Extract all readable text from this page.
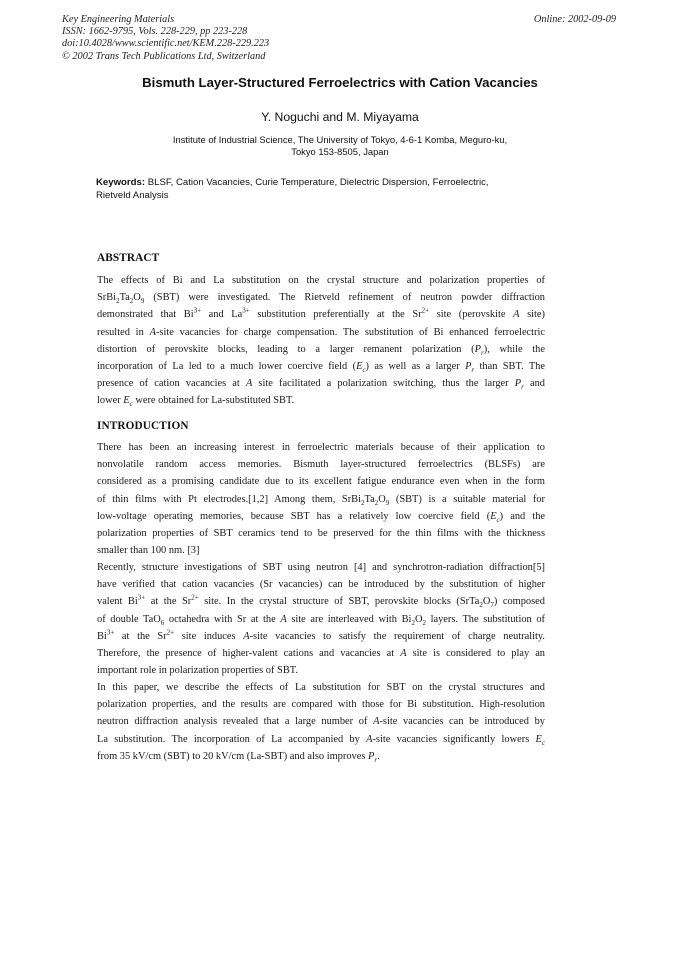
Key Engineering Materials
ISSN: 1662-9795, Vols. 228-229, pp 223-228
doi:10.4028/www.scientific.net/KEM.228-229.223
© 2002 Trans Tech Publications Ltd, Switzerland
Online: 2002-09-09
Bismuth Layer-Structured Ferroelectrics with Cation Vacancies
Y. Noguchi and M. Miyayama
Institute of Industrial Science, The University of Tokyo, 4-6-1 Komba, Meguro-ku,
Tokyo 153-8505, Japan
Keywords: BLSF, Cation Vacancies, Curie Temperature, Dielectric Dispersion, Ferroelectric,
Rietveld Analysis
ABSTRACT
The effects of Bi and La substitution on the crystal structure and polarization properties of
$SrBi_2Ta_2O_9$ (SBT) were investigated. The Rietveld refinement of neutron powder diffraction
demonstrated that $Bi^{3+}$ and $La^{3+}$ substitution preferentially at the $Sr^{2+}$ site (perovskite A site)
resulted in A-site vacancies for charge compensation. The substitution of Bi enhanced ferroelectric
distortion of perovskite blocks, leading to a larger remanent polarization $(P_r)$, while the
incorporation of La led to a much lower coercive field $(E_c)$ as well as a larger $P_r$ than SBT. The
presence of cation vacancies at A site facilitated a polarization switching, thus the larger $P_r$ and
lower $E_c$ were obtained for La-substituted SBT.
INTRODUCTION
There has been an increasing interest in ferroelectric materials because of their application to
nonvolatile random access memories. Bismuth layer-structured ferroelectrics (BLSFs) are
considered as a promising candidate due to its excellent fatigue endurance even when in the form
of thin films with Pt electrodes.[1,2] Among them, $SrBi_2Ta_2O_9$ (SBT) is a suitable material for
low-voltage operating memories, because SBT has a relatively low coercive field $(E_c)$ and the
polarization properties of SBT ceramics tend to be preserved for the thin films with the thickness
smaller than 100 nm. [3]
Recently, structure investigations of SBT using neutron [4] and synchrotron-radiation diffraction[5]
have verified that cation vacancies (Sr vacancies) can be introduced by the substitution of higher
valent $Bi^{3+}$ at the $Sr^{2+}$ site. In the crystal structure of SBT, perovskite blocks $(SrTa_2O_7)$ composed
of double TaO$_6$ octahedra with Sr at the A site are interleaved with $Bi_2O_2$ layers. The substitution of
$Bi^{3+}$ at the $Sr^{2+}$ site induces A-site vacancies to satisfy the requirement of charge neutrality.
Therefore, the presence of higher-valent cations and vacancies at A site is considered to play an
important role in polarization properties of SBT.
In this paper, we describe the effects of La substitution for SBT on the crystal structures and
polarization properties, and the results are compared with those for Bi substitution. High-resolution
neutron diffraction analysis revealed that a large number of A-site vacancies can be introduced by
La substitution. The incorporation of La accompanied by A-site vacancies significantly lowers $E_c$
from 35 kV/cm (SBT) to 20 kV/cm (La-SBT) and also improves $P_r$.
